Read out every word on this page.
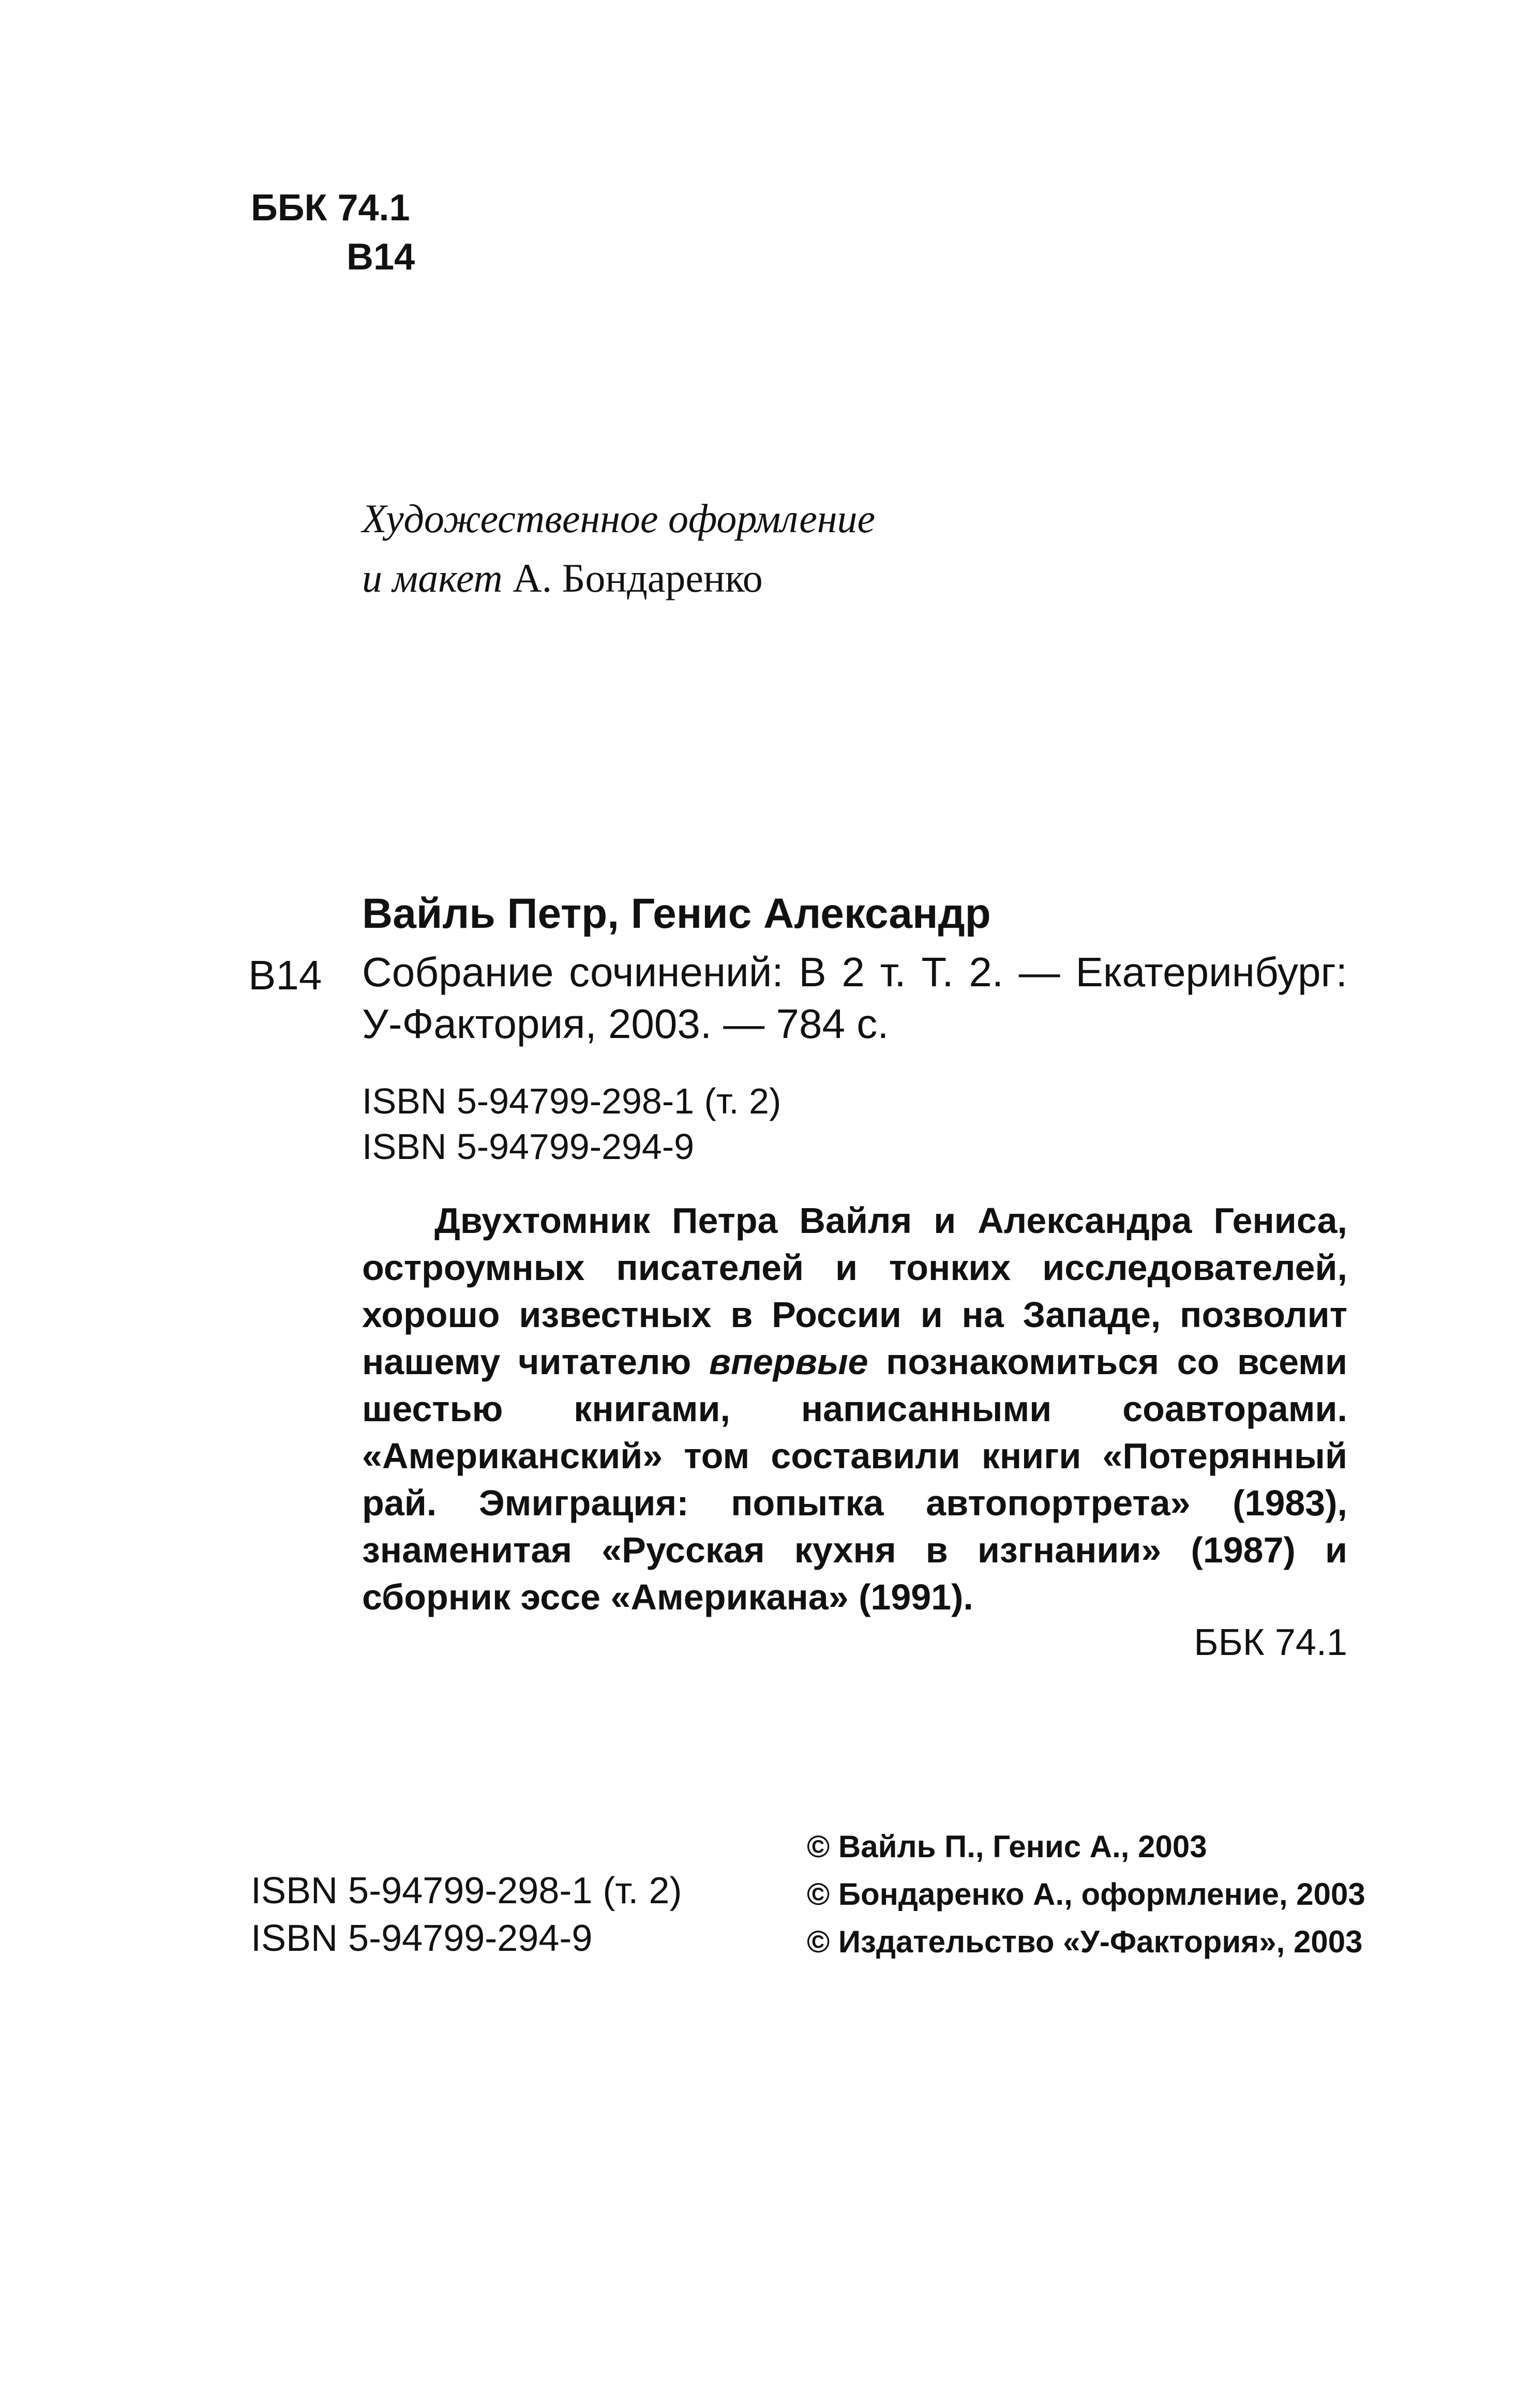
ББК 74.1
В14
Художественное оформление
и макет А. Бондаренко
Вайль Петр, Генис Александр
В14 Собрание сочинений: В 2 т. Т. 2. — Екатеринбург: У-Фактория, 2003. — 784 с.
ISBN 5-94799-298-1 (т. 2)
ISBN 5-94799-294-9
Двухтомник Петра Вайля и Александра Гениса, остроумных писателей и тонких исследователей, хорошо известных в России и на Западе, позволит нашему читателю впервые познакомиться со всеми шестью книгами, написанными соавторами. «Американский» том составили книги «Потерянный рай. Эмиграция: попытка автопортрета» (1983), знаменитая «Русская кухня в изгнании» (1987) и сборник эссе «Американа» (1991).
ББК 74.1
ISBN 5-94799-298-1 (т. 2)
ISBN 5-94799-294-9
© Вайль П., Генис А., 2003
© Бондаренко А., оформление, 2003
© Издательство «У-Фактория», 2003
